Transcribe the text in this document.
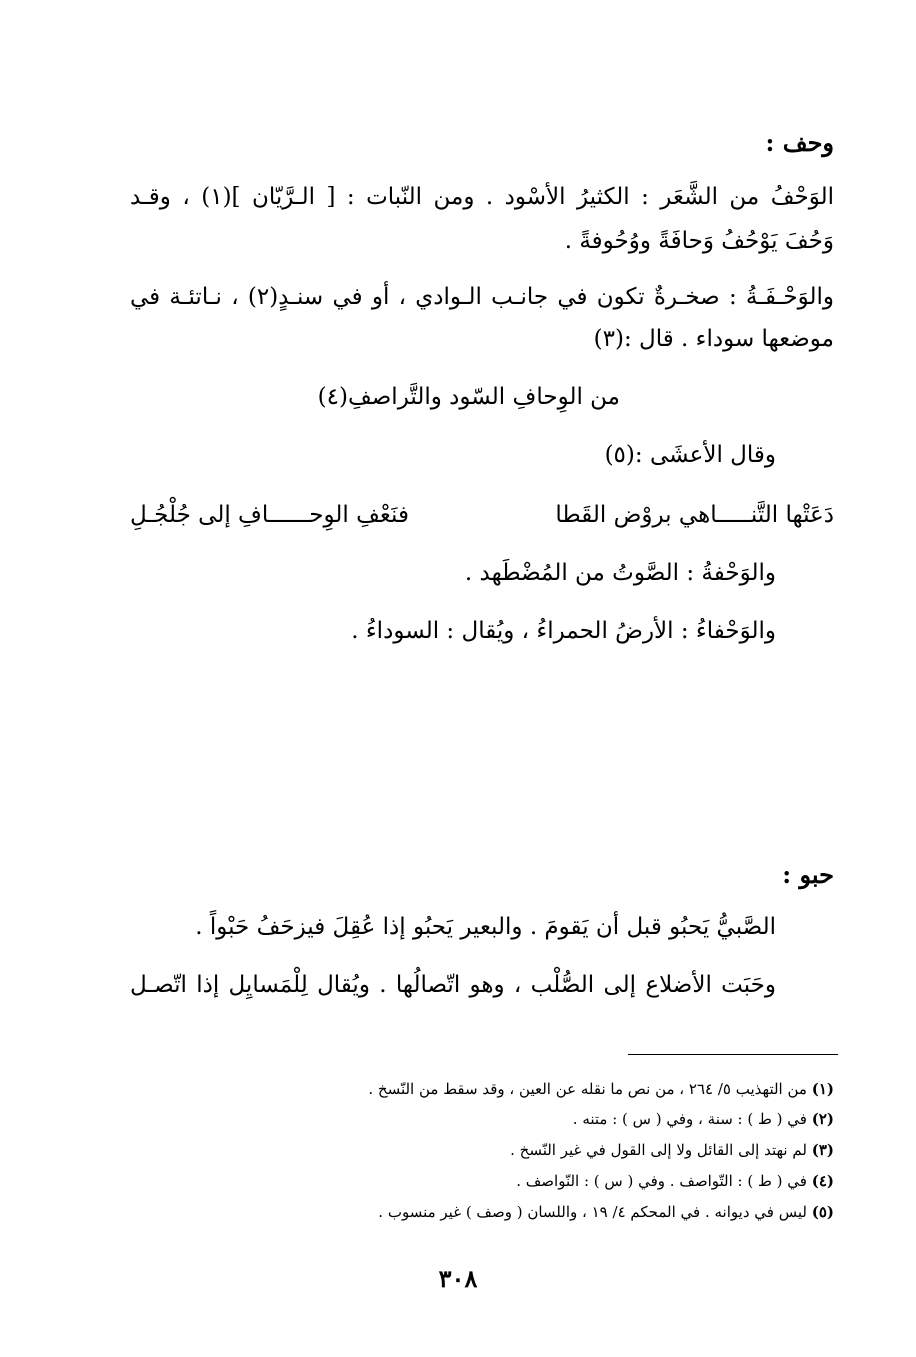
وحف :
الوَحْفُ من الشَّعَر : الكثيرُ الأسْود . ومن النّبات : [ الـرَّيّان ](١) ، وقـد
وَحُفَ يَوْحُفُ وَحافَةً ووُحُوفةً .
والوَحْـفَـةُ : صخـرةٌ تكون في جانـب الـوادي ، أو في سنـدٍ(٢) ، نـاتئـة في
موضعها سوداء . قال :(٣)
من الوِحافِ السّود والتَّراصفِ(٤)
وقال الأعشَى :(٥)
دَعَتْها التَّنـــــاهي بروْض القَطا
فنَعْفِ الوِحــــــافِ إلى جُلْجُـلِ
والوَحْفةُ : الصَّوتُ من المُضْطَهد .
والوَحْفاءُ : الأرضُ الحمراءُ ، ويُقال : السوداءُ .
حبو :
الصَّبيُّ يَحبُو قبل أن يَقومَ . والبعير يَحبُو إذا عُقِلَ فيزحَفُ حَبْواً .
وحَبَت الأضلاع إلى الصُّلْب ، وهو اتّصالُها . ويُقال لِلْمَسايِل إذا اتّصـل
(١) من التهذيب ٥/ ٢٦٤ ، من نص ما نقله عن العين ، وقد سقط من النّسخ .
(٢) في ( ط ) : سنة ، وفي ( س ) : متنه .
(٣) لم نهتد إلى القائل ولا إلى القول في غير النّسخ .
(٤) في ( ط ) : التّواصف . وفي ( س ) : النّواصف .
(٥) ليس في ديوانه . في المحكم ٤/ ١٩ ، واللسان ( وصف ) غير منسوب .
٣٠٨
